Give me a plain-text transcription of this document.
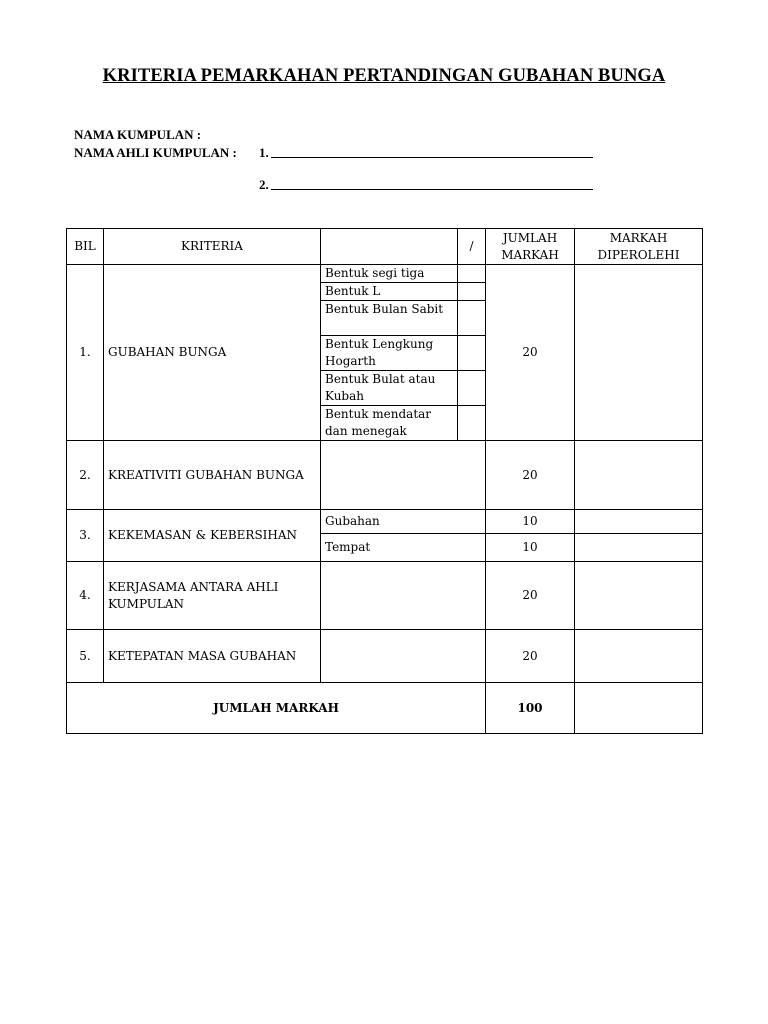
KRITERIA PEMARKAHAN PERTANDINGAN GUBAHAN BUNGA
NAMA KUMPULAN :
NAMA AHLI KUMPULAN : 1.
2.
BIL	KRITERIA		/	JUMLAH MARKAH	MARKAH DIPEROLEHI
1.	GUBAHAN BUNGA	Bentuk segi tiga		20	
		Bentuk L			
		Bentuk Bulan Sabit			
		Bentuk Lengkung Hogarth			
		Bentuk Bulat atau Kubah			
		Bentuk mendatar dan menegak			
2.	KREATIVITI GUBAHAN BUNGA			20	
3.	KEKEMASAN & KEBERSIHAN	Gubahan		10	
		Tempat		10	
4.	KERJASAMA ANTARA AHLI KUMPULAN			20	
5.	KETEPATAN MASA GUBAHAN			20	
JUMLAH MARKAH				100	
